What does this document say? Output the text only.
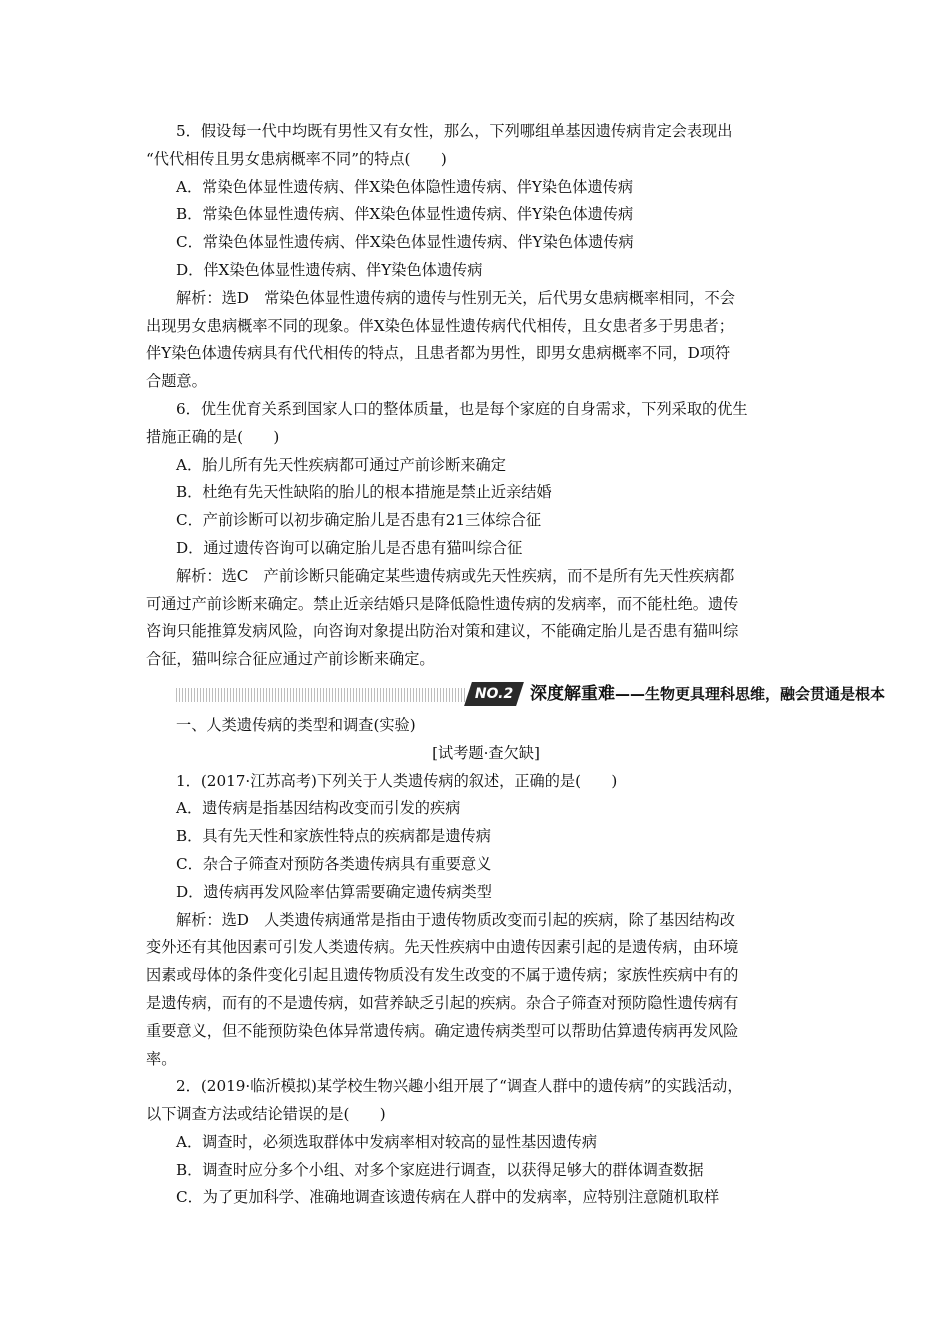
5．假设每一代中均既有男性又有女性，那么，下列哪组单基因遗传病肯定会表现出

“代代相传且男女患病概率不同”的特点(　　)

A．常染色体显性遗传病、伴X染色体隐性遗传病、伴Y染色体遗传病

B．常染色体显性遗传病、伴X染色体显性遗传病、伴Y染色体遗传病

C．常染色体显性遗传病、伴X染色体显性遗传病、伴Y染色体遗传病

D．伴X染色体显性遗传病、伴Y染色体遗传病

解析：选D　常染色体显性遗传病的遗传与性别无关，后代男女患病概率相同，不会

出现男女患病概率不同的现象。伴X染色体显性遗传病代代相传，且女患者多于男患者；

伴Y染色体遗传病具有代代相传的特点，且患者都为男性，即男女患病概率不同，D项符

合题意。

6．优生优育关系到国家人口的整体质量，也是每个家庭的自身需求，下列采取的优生

措施正确的是(　　)

A．胎儿所有先天性疾病都可通过产前诊断来确定

B．杜绝有先天性缺陷的胎儿的根本措施是禁止近亲结婚

C．产前诊断可以初步确定胎儿是否患有21三体综合征

D．通过遗传咨询可以确定胎儿是否患有猫叫综合征

解析：选C　产前诊断只能确定某些遗传病或先天性疾病，而不是所有先天性疾病都

可通过产前诊断来确定。禁止近亲结婚只是降低隐性遗传病的发病率，而不能杜绝。遗传

咨询只能推算发病风险，向咨询对象提出防治对策和建议，不能确定胎儿是否患有猫叫综

合征，猫叫综合征应通过产前诊断来确定。

NO.2 深度解重难——生物更具理科思维，融会贯通是根本

一、人类遗传病的类型和调查(实验)

[试考题·查欠缺]

1．(2017·江苏高考)下列关于人类遗传病的叙述，正确的是(　　)

A．遗传病是指基因结构改变而引发的疾病

B．具有先天性和家族性特点的疾病都是遗传病

C．杂合子筛查对预防各类遗传病具有重要意义

D．遗传病再发风险率估算需要确定遗传病类型

解析：选D　人类遗传病通常是指由于遗传物质改变而引起的疾病，除了基因结构改

变外还有其他因素可引发人类遗传病。先天性疾病中由遗传因素引起的是遗传病，由环境

因素或母体的条件变化引起且遗传物质没有发生改变的不属于遗传病；家族性疾病中有的

是遗传病，而有的不是遗传病，如营养缺乏引起的疾病。杂合子筛查对预防隐性遗传病有

重要意义，但不能预防染色体异常遗传病。确定遗传病类型可以帮助估算遗传病再发风险

率。

2．(2019·临沂模拟)某学校生物兴趣小组开展了“调查人群中的遗传病”的实践活动，

以下调查方法或结论错误的是(　　)

A．调查时，必须选取群体中发病率相对较高的显性基因遗传病

B．调查时应分多个小组、对多个家庭进行调查，以获得足够大的群体调查数据

C．为了更加科学、准确地调查该遗传病在人群中的发病率，应特别注意随机取样
